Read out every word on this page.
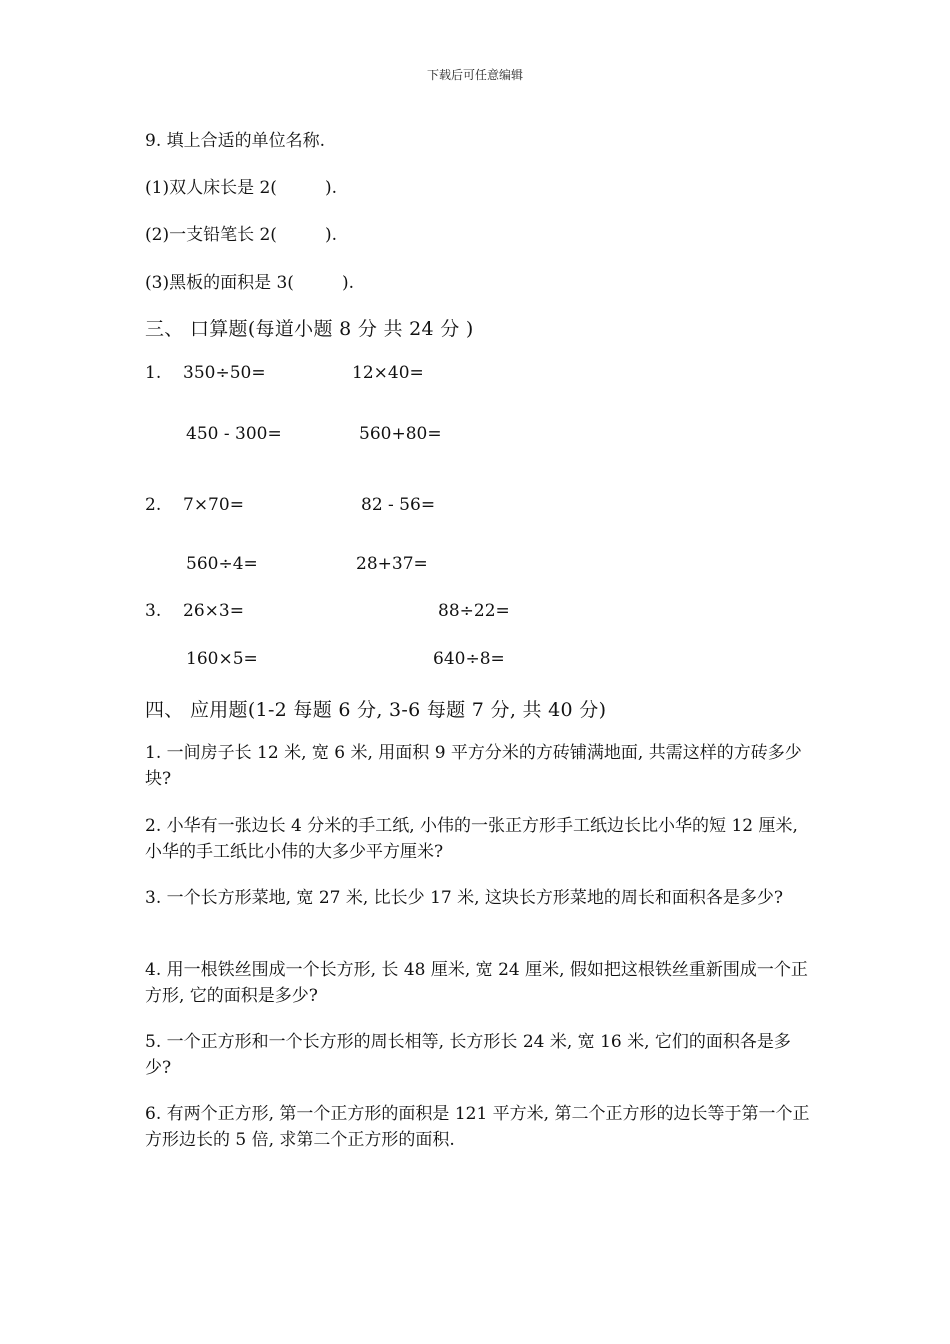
下载后可任意编辑
9. 填上合适的单位名称.
(1)双人床长是 2(	).
(2)一支铅笔长 2(	).
(3)黑板的面积是 3(	).
三、 口算题(每道小题 8 分 共 24 分 )
1. 350÷50=	12×40=
450 - 300=	560+80=
2. 7×70=	82 - 56=
560÷4=	28+37=
3. 26×3=	88÷22=
160×5=	640÷8=
四、 应用题(1-2 每题 6 分, 3-6 每题 7 分, 共 40 分)

1. 一间房子长 12 米, 宽 6 米, 用面积 9 平方分米的方砖铺满地面, 共需这样的方砖多少块?

2. 小华有一张边长 4 分米的手工纸, 小伟的一张正方形手工纸边长比小华的短 12 厘米, 小华的手工纸比小伟的大多少平方厘米?

3. 一个长方形菜地, 宽 27 米, 比长少 17 米, 这块长方形菜地的周长和面积各是多少?

4. 用一根铁丝围成一个长方形, 长 48 厘米, 宽 24 厘米, 假如把这根铁丝重新围成一个正方形, 它的面积是多少?

5. 一个正方形和一个长方形的周长相等, 长方形长 24 米, 宽 16 米, 它们的面积各是多少?

6. 有两个正方形, 第一个正方形的面积是 121 平方米, 第二个正方形的边长等于第一个正方形边长的 5 倍, 求第二个正方形的面积.
